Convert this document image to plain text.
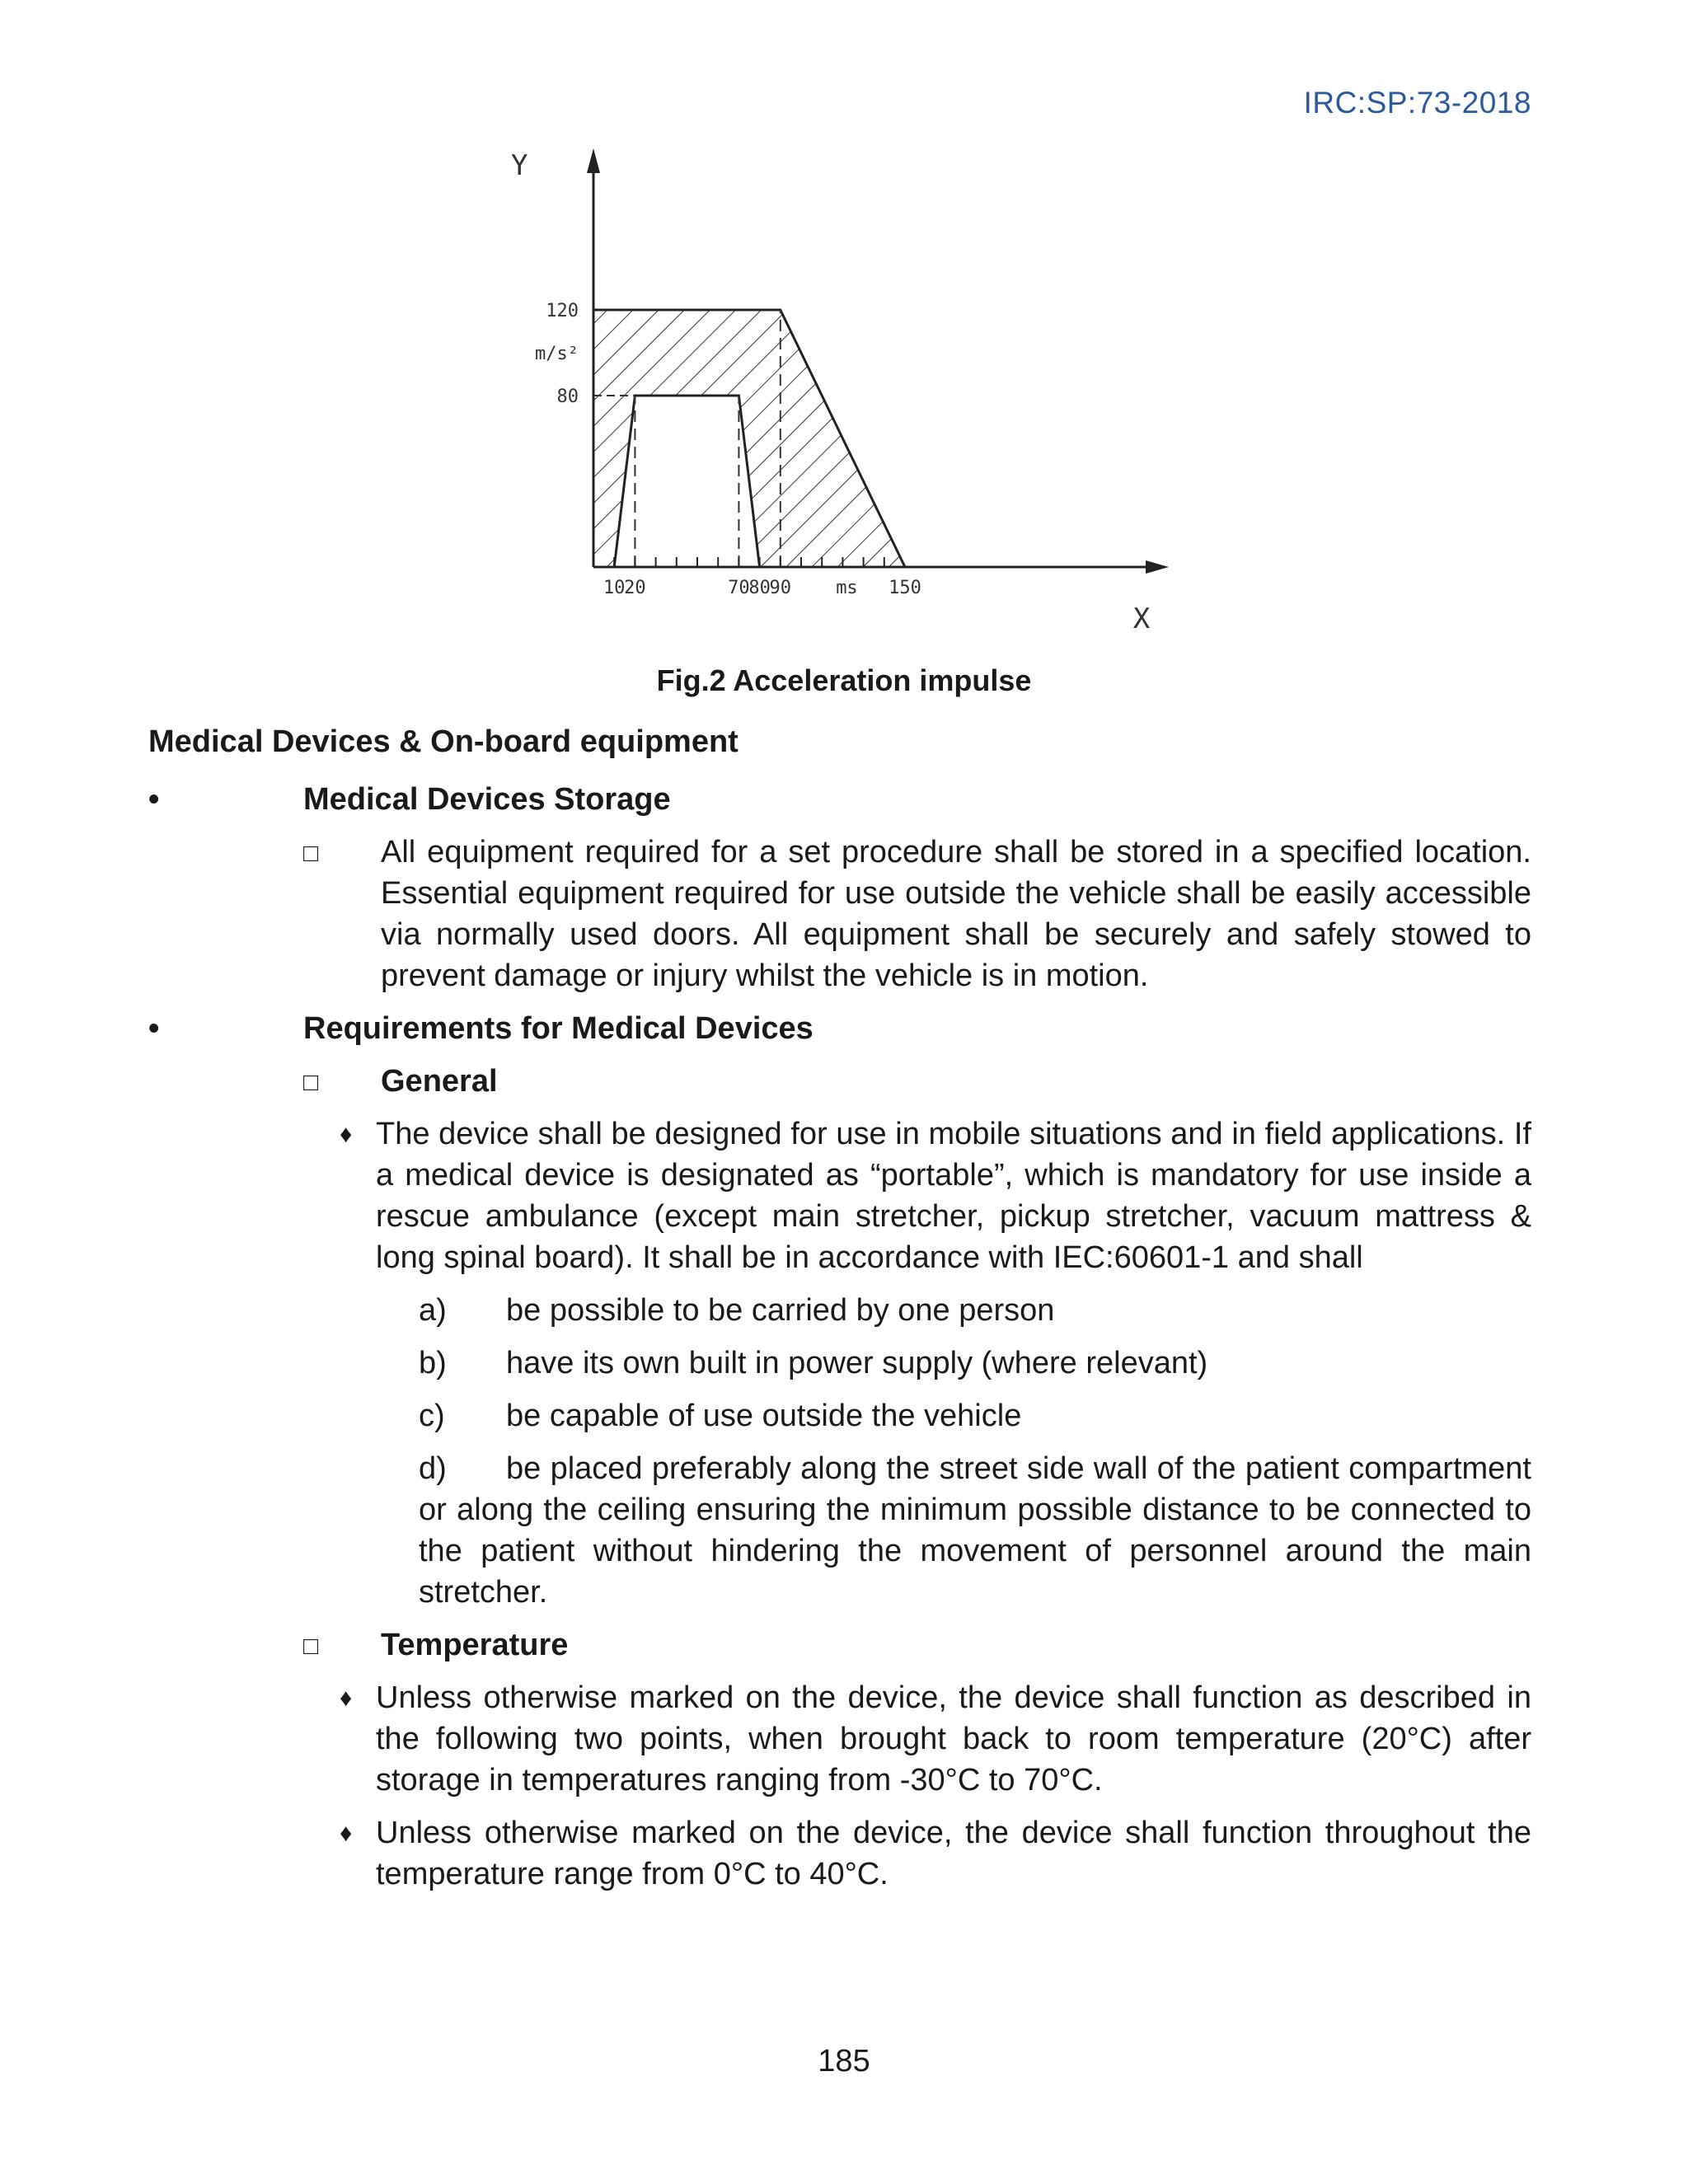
IRC:SP:73-2018
Y
120
m/s²
80
10
20	70
80
90	150
ms
X
Fig.2 Acceleration impulse
Medical Devices & On-board equipment
•	Medical Devices Storage
□ All equipment required for a set procedure shall be stored in a specified location. Essential equipment required for use outside the vehicle shall be easily accessible via normally used doors. All equipment shall be securely and safely stowed to prevent damage or injury whilst the vehicle is in motion.
•	Requirements for Medical Devices
□ General
♦ The device shall be designed for use in mobile situations and in field applications. If a medical device is designated as “portable”, which is mandatory for use inside a rescue ambulance (except main stretcher, pickup stretcher, vacuum mattress & long spinal board). It shall be in accordance with IEC:60601-1 and shall
a) be possible to be carried by one person
b) have its own built in power supply (where relevant)
c) be capable of use outside the vehicle
d) be placed preferably along the street side wall of the patient compartment or along the ceiling ensuring the minimum possible distance to be connected to the patient without hindering the movement of personnel around the main stretcher.
□ Temperature
♦ Unless otherwise marked on the device, the device shall function as described in the following two points, when brought back to room temperature (20°C) after storage in temperatures ranging from -30°C to 70°C.
♦ Unless otherwise marked on the device, the device shall function throughout the temperature range from 0°C to 40°C.
185
